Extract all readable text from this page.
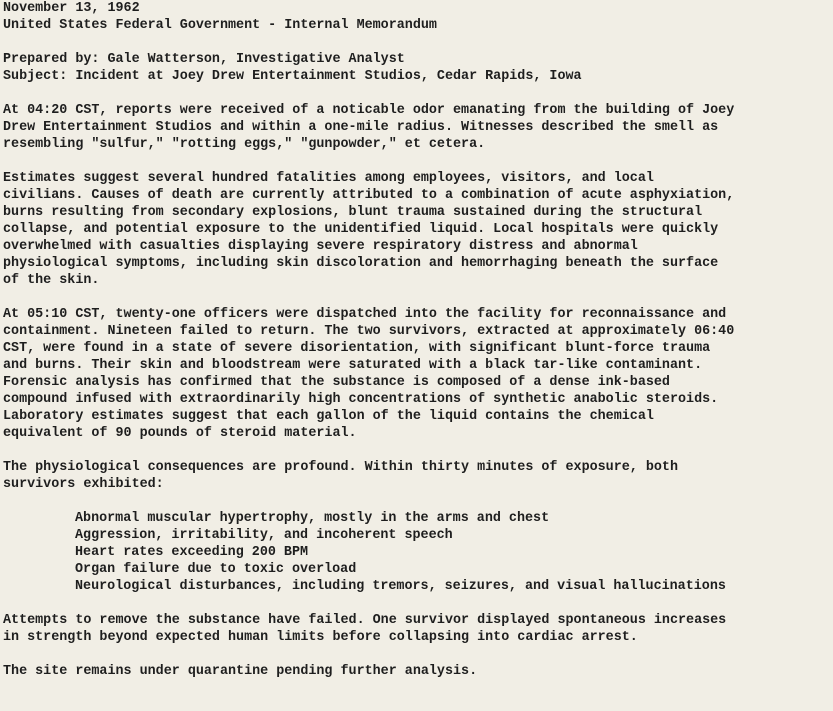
November 13, 1962
United States Federal Government - Internal Memorandum
Prepared by: Gale Watterson, Investigative Analyst
Subject: Incident at Joey Drew Entertainment Studios, Cedar Rapids, Iowa
At 04:20 CST, reports were received of a noticable odor emanating from the building of Joey
Drew Entertainment Studios and within a one-mile radius. Witnesses described the smell as
resembling "sulfur," "rotting eggs," "gunpowder," et cetera.
Estimates suggest several hundred fatalities among employees, visitors, and local
civilians. Causes of death are currently attributed to a combination of acute asphyxiation,
burns resulting from secondary explosions, blunt trauma sustained during the structural
collapse, and potential exposure to the unidentified liquid. Local hospitals were quickly
overwhelmed with casualties displaying severe respiratory distress and abnormal
physiological symptoms, including skin discoloration and hemorrhaging beneath the surface
of the skin.
At 05:10 CST, twenty-one officers were dispatched into the facility for reconnaissance and
containment. Nineteen failed to return. The two survivors, extracted at approximately 06:40
CST, were found in a state of severe disorientation, with significant blunt-force trauma
and burns. Their skin and bloodstream were saturated with a black tar-like contaminant.
Forensic analysis has confirmed that the substance is composed of a dense ink-based
compound infused with extraordinarily high concentrations of synthetic anabolic steroids.
Laboratory estimates suggest that each gallon of the liquid contains the chemical
equivalent of 90 pounds of steroid material.
The physiological consequences are profound. Within thirty minutes of exposure, both
survivors exhibited:
Abnormal muscular hypertrophy, mostly in the arms and chest
Aggression, irritability, and incoherent speech
Heart rates exceeding 200 BPM
Organ failure due to toxic overload
Neurological disturbances, including tremors, seizures, and visual hallucinations
Attempts to remove the substance have failed. One survivor displayed spontaneous increases
in strength beyond expected human limits before collapsing into cardiac arrest.
The site remains under quarantine pending further analysis.
